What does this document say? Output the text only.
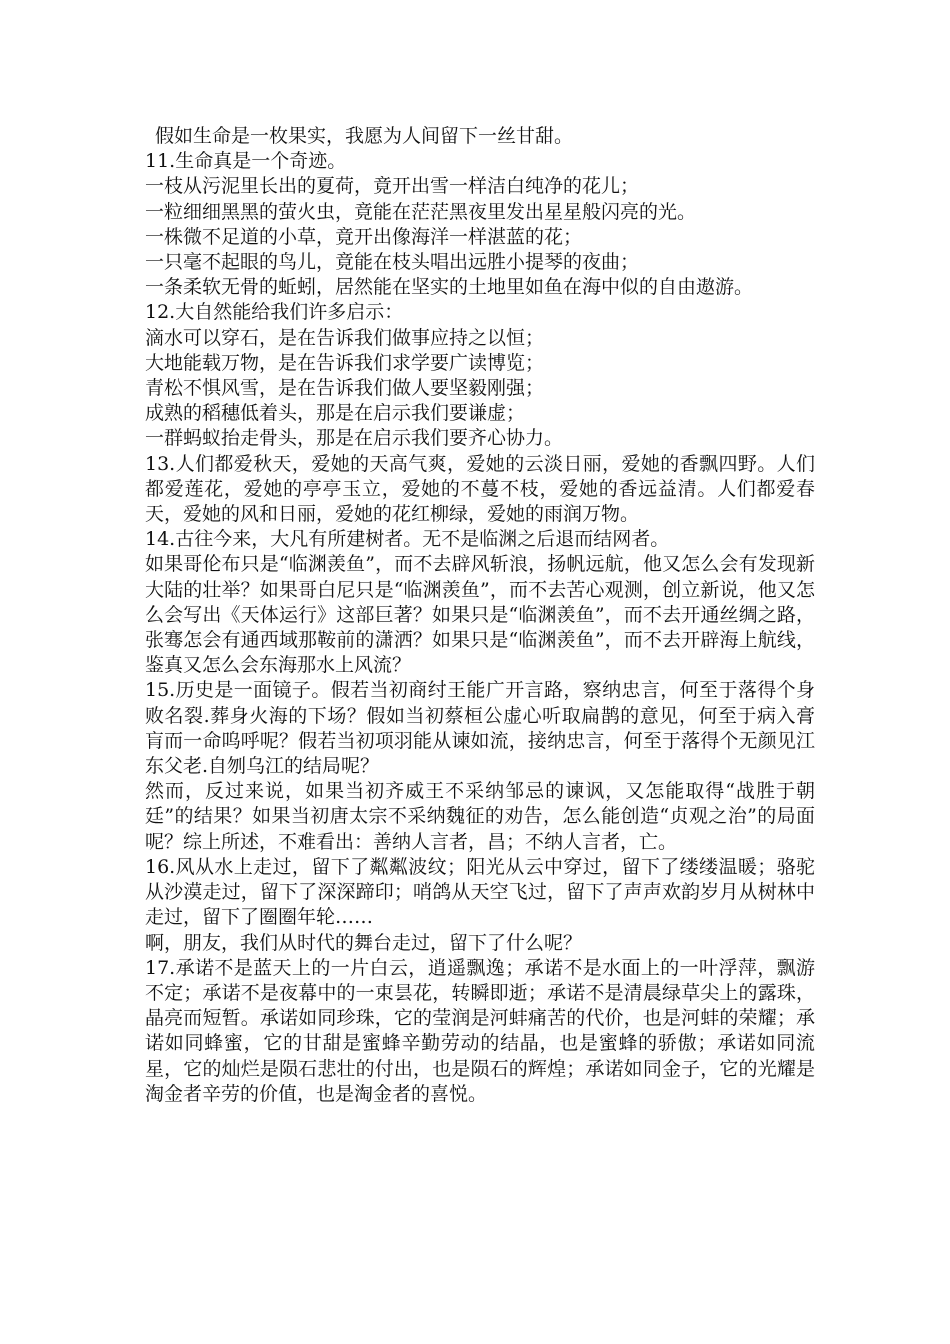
假如生命是一枚果实，我愿为人间留下一丝甘甜。

11.生命真是一个奇迹。

一枝从污泥里长出的夏荷，竟开出雪一样洁白纯净的花儿；

一粒细细黑黑的萤火虫，竟能在茫茫黑夜里发出星星般闪亮的光。

一株微不足道的小草，竟开出像海洋一样湛蓝的花；

一只毫不起眼的鸟儿，竟能在枝头唱出远胜小提琴的夜曲；

一条柔软无骨的蚯蚓，居然能在坚实的土地里如鱼在海中似的自由遨游。

12.大自然能给我们许多启示：

滴水可以穿石，是在告诉我们做事应持之以恒；

大地能载万物，是在告诉我们求学要广读博览；

青松不惧风雪，是在告诉我们做人要坚毅刚强；

成熟的稻穗低着头，那是在启示我们要谦虚；

一群蚂蚁抬走骨头，那是在启示我们要齐心协力。

13.人们都爱秋天，爱她的天高气爽，爱她的云淡日丽，爱她的香飘四野。人们都爱莲花，爱她的亭亭玉立，爱她的不蔓不枝，爱她的香远益清。人们都爱春天，爱她的风和日丽，爱她的花红柳绿，爱她的雨润万物。

14.古往今来，大凡有所建树者。无不是临渊之后退而结网者。

如果哥伦布只是“临渊羡鱼”，而不去辟风斩浪，扬帆远航，他又怎么会有发现新大陆的壮举？如果哥白尼只是“临渊羡鱼”，而不去苦心观测，创立新说，他又怎么会写出《天体运行》这部巨著？如果只是“临渊羡鱼”，而不去开通丝绸之路，张骞怎会有通西域那鞍前的潇洒？如果只是“临渊羡鱼”，而不去开辟海上航线，鉴真又怎么会东海那水上风流？

15.历史是一面镜子。假若当初商纣王能广开言路，察纳忠言，何至于落得个身败名裂.葬身火海的下场？假如当初蔡桓公虚心听取扁鹊的意见，何至于病入膏肓而一命呜呼呢？假若当初项羽能从谏如流，接纳忠言，何至于落得个无颜见江东父老.自刎乌江的结局呢？

然而，反过来说，如果当初齐威王不采纳邹忌的谏讽，又怎能取得“战胜于朝廷”的结果？如果当初唐太宗不采纳魏征的劝告，怎么能创造“贞观之治”的局面呢？综上所述，不难看出：善纳人言者，昌；不纳人言者，亡。

16.风从水上走过，留下了粼粼波纹；阳光从云中穿过，留下了缕缕温暖；骆驼从沙漠走过，留下了深深蹄印；哨鸽从天空飞过，留下了声声欢韵岁月从树林中走过，留下了圈圈年轮……

啊，朋友，我们从时代的舞台走过，留下了什么呢？

17.承诺不是蓝天上的一片白云，逍遥飘逸；承诺不是水面上的一叶浮萍，飘游不定；承诺不是夜幕中的一束昙花，转瞬即逝；承诺不是清晨绿草尖上的露珠，晶亮而短暂。承诺如同珍珠，它的莹润是河蚌痛苦的代价，也是河蚌的荣耀；承诺如同蜂蜜，它的甘甜是蜜蜂辛勤劳动的结晶，也是蜜蜂的骄傲；承诺如同流星，它的灿烂是陨石悲壮的付出，也是陨石的辉煌；承诺如同金子，它的光耀是淘金者辛劳的价值，也是淘金者的喜悦。
